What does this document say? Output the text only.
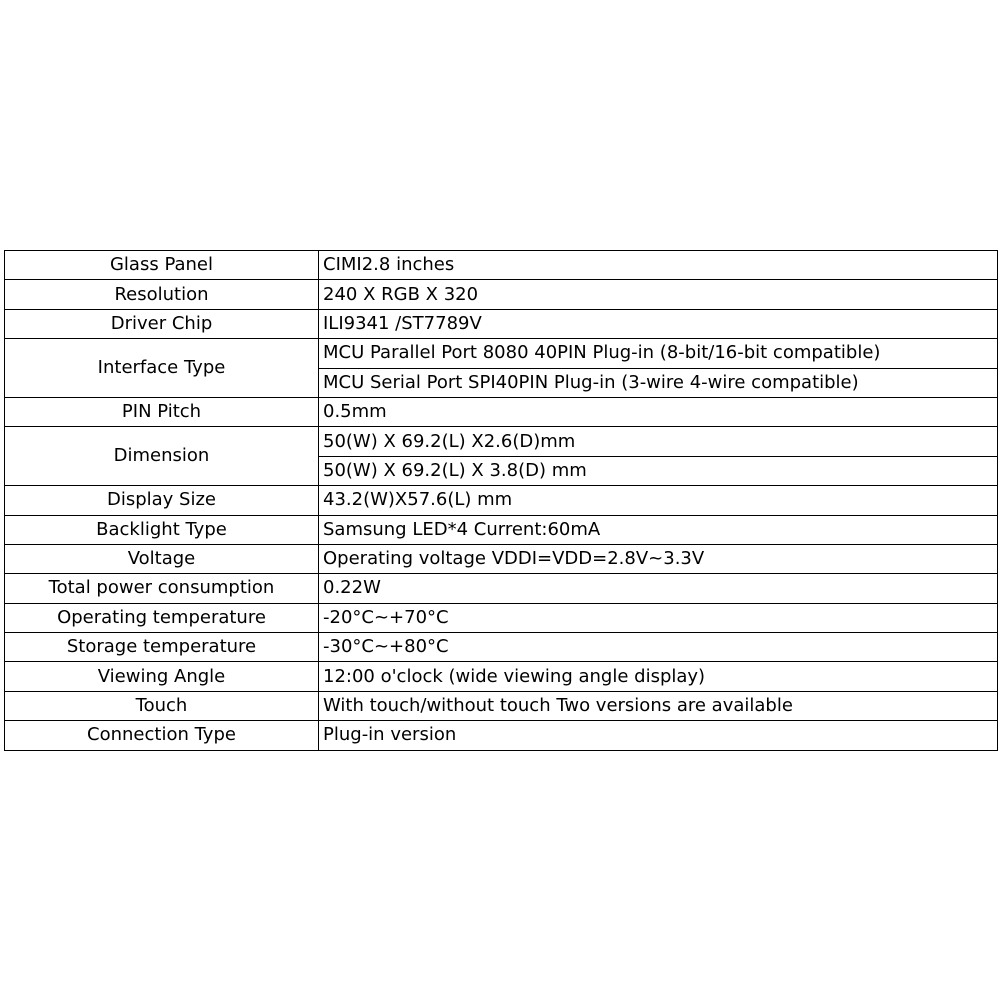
Glass Panel	CIMI2.8 inches
Resolution	240 X RGB X 320
Driver Chip	ILI9341 /ST7789V
Interface Type	MCU Parallel Port 8080 40PIN Plug-in (8-bit/16-bit compatible)
	MCU Serial Port SPI40PIN Plug-in (3-wire 4-wire compatible)
PIN Pitch	0.5mm
Dimension	50(W) X 69.2(L) X2.6(D)mm
	50(W) X 69.2(L) X 3.8(D) mm
Display Size	43.2(W)X57.6(L) mm
Backlight Type	Samsung LED*4 Current:60mA
Voltage	Operating voltage VDDI=VDD=2.8V~3.3V
Total power consumption	0.22W
Operating temperature	-20°C~+70°C
Storage temperature	-30°C~+80°C
Viewing Angle	12:00 o'clock (wide viewing angle display)
Touch	With touch/without touch Two versions are available
Connection Type	Plug-in version
